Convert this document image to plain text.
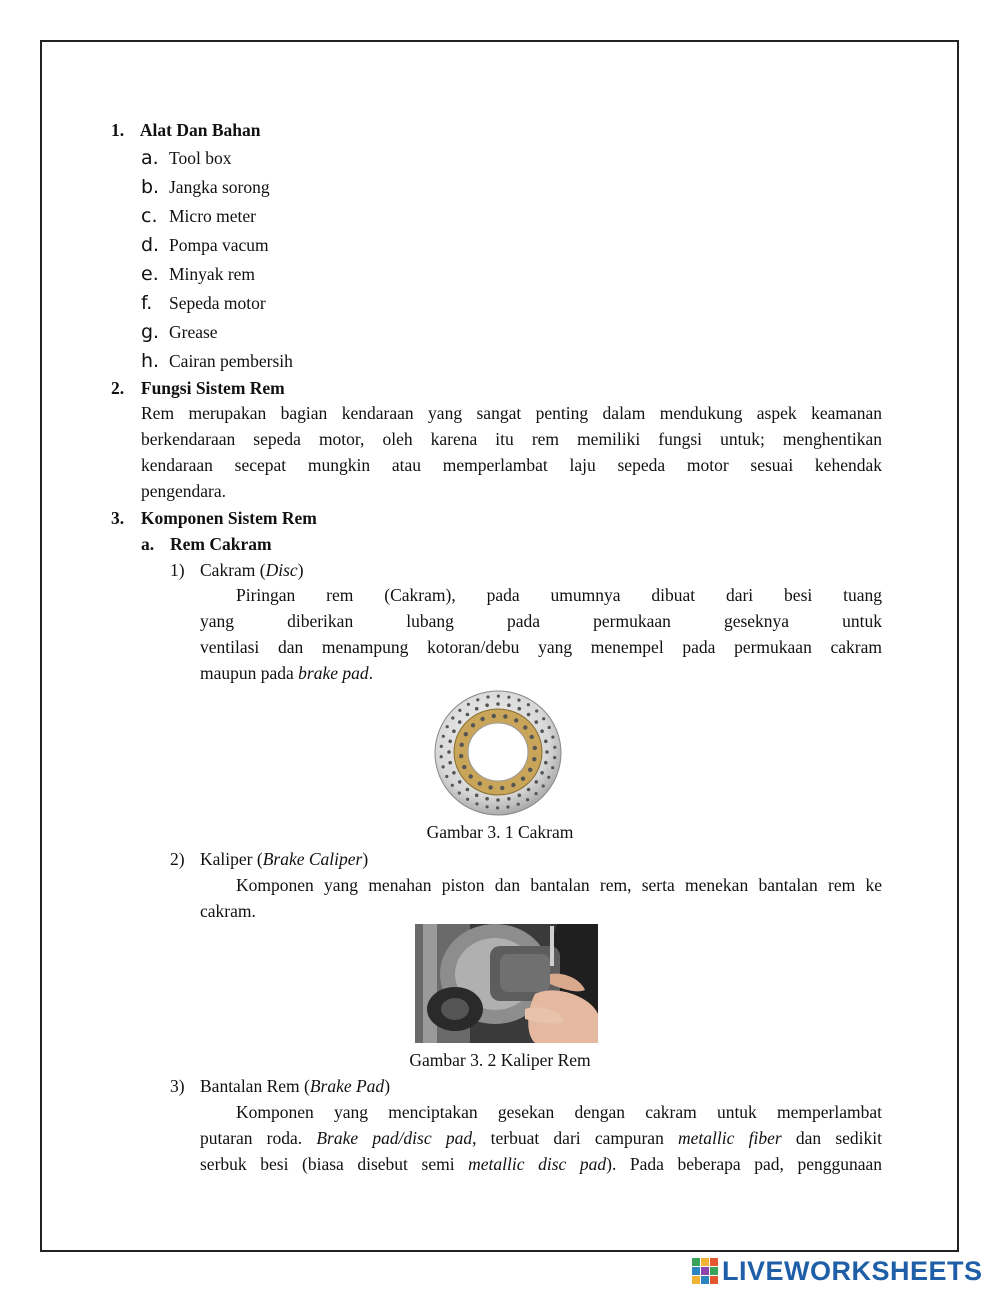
1. Alat Dan Bahan
a. Tool box
b. Jangka sorong
c. Micro meter
d. Pompa vacum
e. Minyak rem
f. Sepeda motor
g. Grease
h. Cairan pembersih
2. Fungsi Sistem Rem
Rem merupakan bagian kendaraan yang sangat penting dalam mendukung aspek keamanan
berkendaraan sepeda motor, oleh karena itu rem memiliki fungsi untuk; menghentikan
kendaraan secepat mungkin atau memperlambat laju sepeda motor sesuai kehendak
pengendara.
3. Komponen Sistem Rem
a. Rem Cakram
1) Cakram (Disc)
Piringan rem (Cakram), pada umumnya dibuat dari besi tuang
yang diberikan lubang pada permukaan geseknya untuk
ventilasi dan menampung kotoran/debu yang menempel pada permukaan cakram
maupun pada brake pad.
Gambar 3. 1 Cakram
2) Kaliper (Brake Caliper)
Komponen yang menahan piston dan bantalan rem, serta menekan bantalan rem ke
cakram.
Gambar 3. 2 Kaliper Rem
3) Bantalan Rem (Brake Pad)
Komponen yang menciptakan gesekan dengan cakram untuk memperlambat
putaran roda. Brake pad/disc pad, terbuat dari campuran metallic fiber dan sedikit
serbuk besi (biasa disebut semi metallic disc pad). Pada beberapa pad, penggunaan
LIVEWORKSHEETS
